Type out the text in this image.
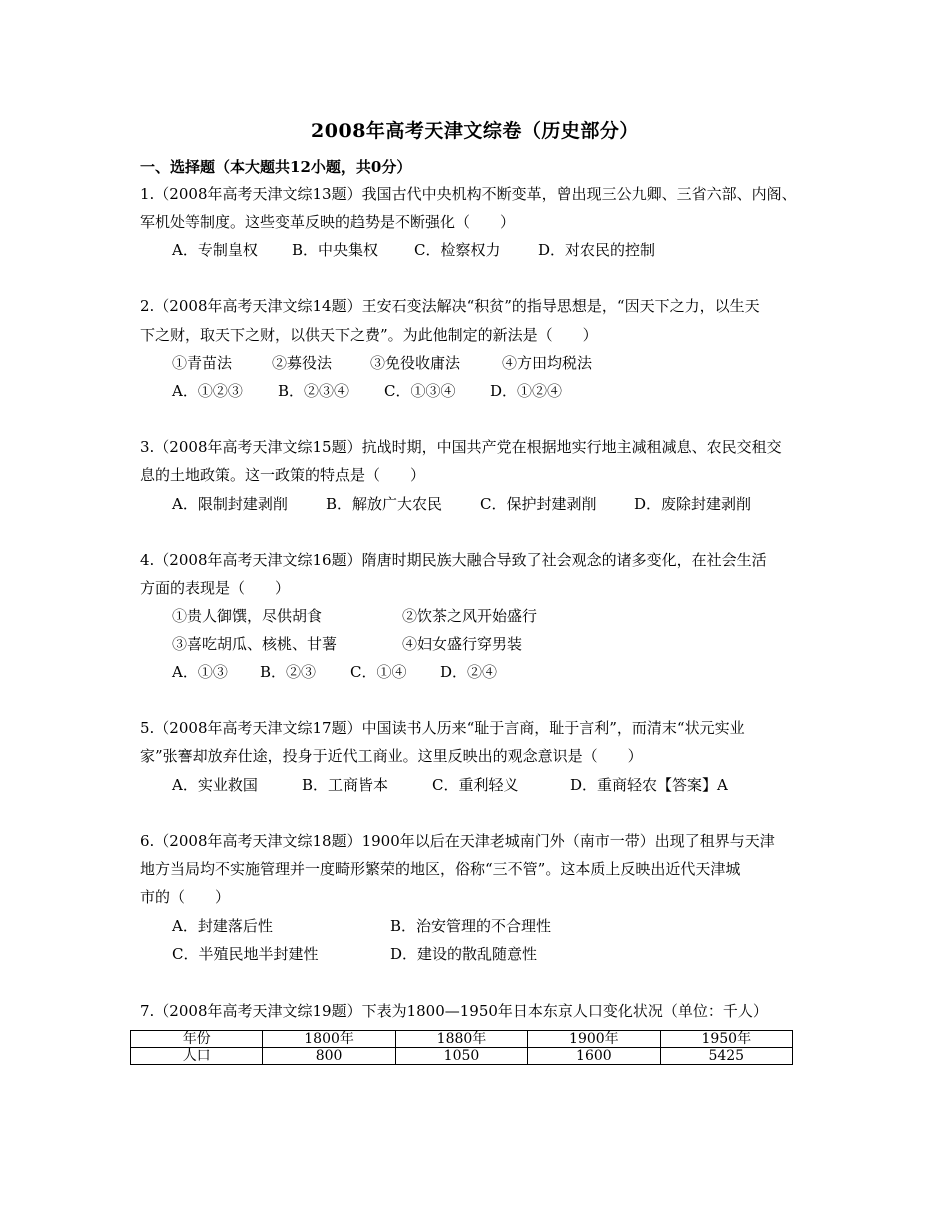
2008年高考天津文综卷（历史部分）
一、选择题（本大题共12小题，共0分）
1.（2008年高考天津文综13题）我国古代中央机构不断变革，曾出现三公九卿、三省六部、内阁、
军机处等制度。这些变革反映的趋势是不断强化（　　）
A．专制皇权 B．中央集权 C．检察权力	D．对农民的控制
2.（2008年高考天津文综14题）王安石变法解决“积贫”的指导思想是，“因天下之力，以生天
下之财，取天下之财，以供天下之费”。为此他制定的新法是（　　）
①青苗法	②募役法	③免役收庸法	④方田均税法
A．①②③ B．②③④ C．①③④ D．①②④
3.（2008年高考天津文综15题）抗战时期，中国共产党在根据地实行地主减租减息、农民交租交
息的土地政策。这一政策的特点是（　　）
A．限制封建剥削	B．解放广大农民	C．保护封建剥削	D．废除封建剥削
4.（2008年高考天津文综16题）隋唐时期民族大融合导致了社会观念的诸多变化，在社会生活
方面的表现是（　　）
①贵人御馔，尽供胡食	②饮茶之风开始盛行
③喜吃胡瓜、核桃、甘薯	④妇女盛行穿男装
A．①③ B．②③ C．①④ D．②④
5.（2008年高考天津文综17题）中国读书人历来“耻于言商，耻于言利”，而清末“状元实业
家”张謇却放弃仕途，投身于近代工商业。这里反映出的观念意识是（　　）
A．实业救国	B．工商皆本	C．重利轻义	D．重商轻农【答案】A
6.（2008年高考天津文综18题）1900年以后在天津老城南门外（南市一带）出现了租界与天津
地方当局均不实施管理并一度畸形繁荣的地区，俗称“三不管”。这本质上反映出近代天津城
市的（　　）
A．封建落后性	B．治安管理的不合理性
C．半殖民地半封建性	D．建设的散乱随意性
7.（2008年高考天津文综19题）下表为1800—1950年日本东京人口变化状况（单位：千人）
年份	1800年	1880年	1900年	1950年
人口	800	1050	1600	5425
